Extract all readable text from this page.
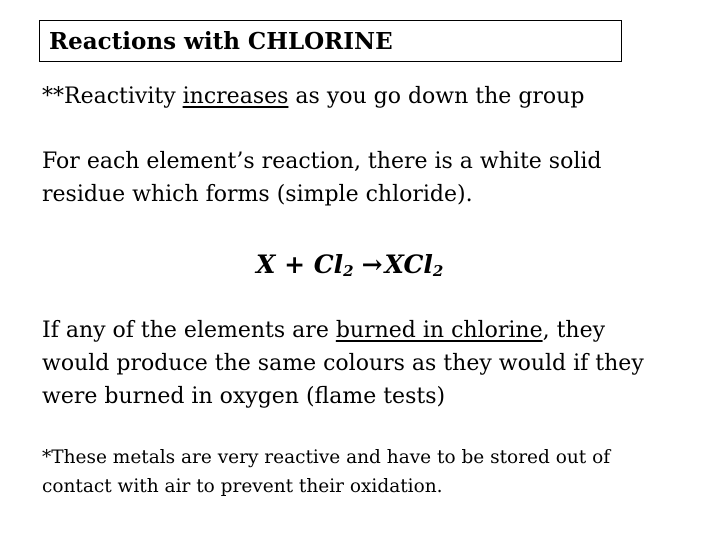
Reactions with CHLORINE
**Reactivity increases as you go down the group
For each element’s reaction, there is a white solid
residue which forms (simple chloride).
$X + Cl_2 \to XCl_2$
If any of the elements are burned in chlorine, they
would produce the same colours as they would if they
were burned in oxygen (flame tests)
*These metals are very reactive and have to be stored out of
contact with air to prevent their oxidation.
